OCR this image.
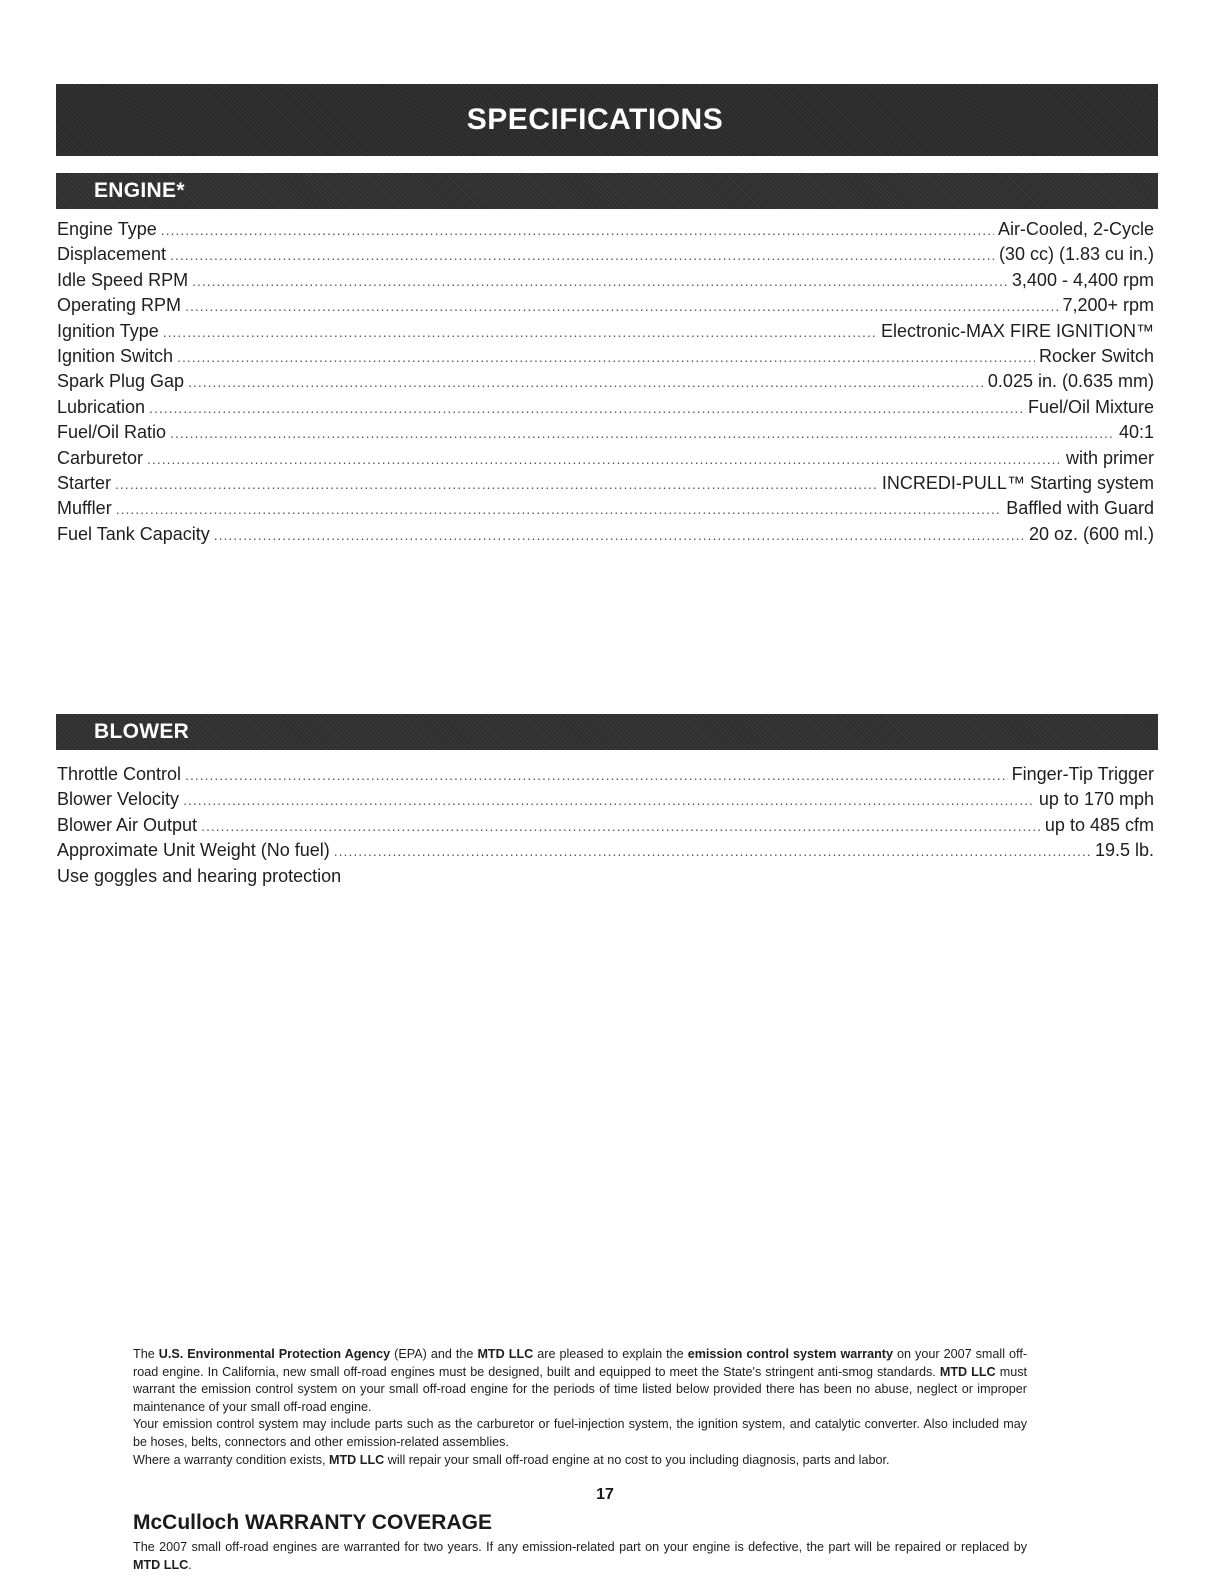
SPECIFICATIONS
ENGINE*
Engine Type .....	Air-Cooled, 2-Cycle
Displacement .....	(30 cc) (1.83 cu in.)
Idle Speed RPM .....	3,400 - 4,400 rpm
Operating RPM .....	7,200+ rpm
Ignition Type .....	Electronic-MAX FIRE IGNITION™
Ignition Switch .....	Rocker Switch
Spark Plug Gap .....	0.025 in. (0.635 mm)
Lubrication .....	Fuel/Oil Mixture
Fuel/Oil Ratio .....	40:1
Carburetor .....	with primer
Starter .....	INCREDI-PULL™ Starting system
Muffler .....	Baffled with Guard
Fuel Tank Capacity .....	20 oz. (600 ml.)
BLOWER
Throttle Control .....	Finger-Tip Trigger
Blower Velocity .....	up to 170 mph
Blower Air Output .....	up to 485 cfm
Approximate Unit Weight (No fuel) .....	19.5 lb.
Use goggles and hearing protection

The U.S. Environmental Protection Agency (EPA) and the MTD LLC are pleased to explain the emission control system warranty on your 2007 small off-road engine. In California, new small off-road engines must be designed, built and equipped to meet the State's stringent anti-smog standards. MTD LLC must warrant the emission control system on your small off-road engine for the periods of time listed below provided there has been no abuse, neglect or improper maintenance of your small off-road engine.

Your emission control system may include parts such as the carburetor or fuel-injection system, the ignition system, and catalytic converter. Also included may be hoses, belts, connectors and other emission-related assemblies.

Where a warranty condition exists, MTD LLC will repair your small off-road engine at no cost to you including diagnosis, parts and labor.

17
McCulloch WARRANTY COVERAGE
The 2007 small off-road engines are warranted for two years. If any emission-related part on your engine is defective, the part will be repaired or replaced by MTD LLC.
